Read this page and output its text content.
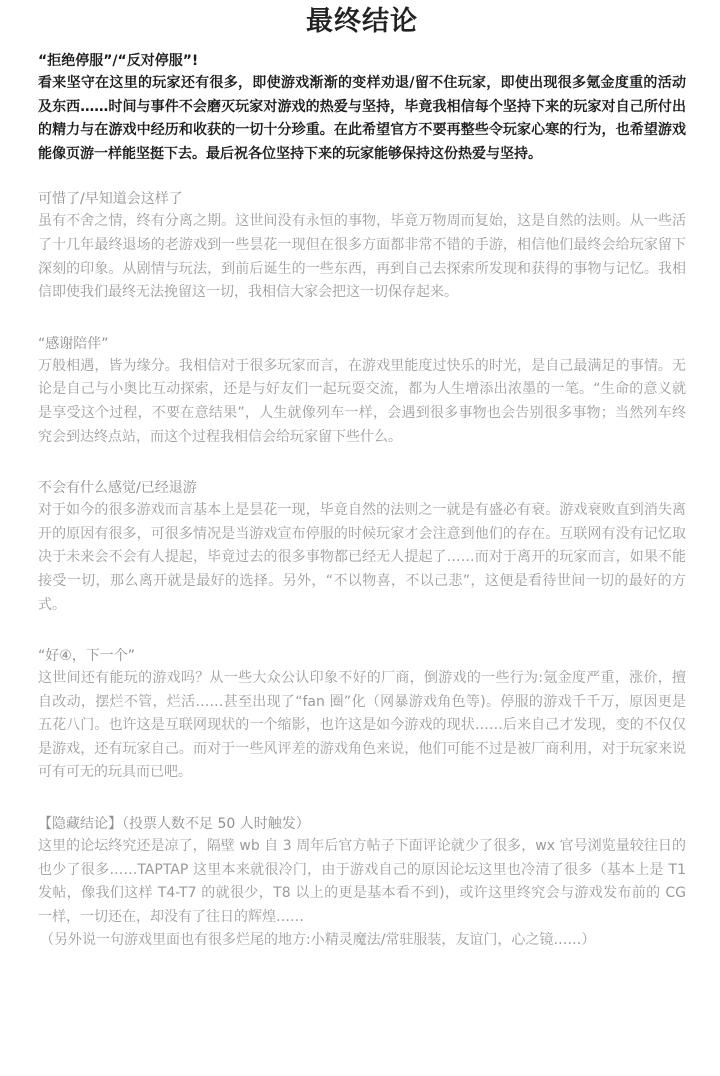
最终结论

“拒绝停服”/“反对停服”!

看来坚守在这里的玩家还有很多，即使游戏渐渐的变样劝退/留不住玩家，即使出现很多氪金度重的活动及东西……时间与事件不会磨灭玩家对游戏的热爱与坚持，毕竟我相信每个坚持下来的玩家对自己所付出的精力与在游戏中经历和收获的一切十分珍重。在此希望官方不要再整些令玩家心寒的行为，也希望游戏能像页游一样能坚挺下去。最后祝各位坚持下来的玩家能够保持这份热爱与坚持。

可惜了/早知道会这样了

虽有不舍之情，终有分离之期。这世间没有永恒的事物，毕竟万物周而复始，这是自然的法则。从一些活了十几年最终退场的老游戏到一些昙花一现但在很多方面都非常不错的手游，相信他们最终会给玩家留下深刻的印象。从剧情与玩法，到前后诞生的一些东西，再到自己去探索所发现和获得的事物与记忆。我相信即使我们最终无法挽留这一切，我相信大家会把这一切保存起来。

“感谢陪伴”

万般相遇，皆为缘分。我相信对于很多玩家而言，在游戏里能度过快乐的时光，是自己最满足的事情。无论是自己与小奥比互动探索，还是与好友们一起玩耍交流，都为人生增添出浓墨的一笔。“生命的意义就是享受这个过程，不要在意结果”，人生就像列车一样，会遇到很多事物也会告别很多事物；当然列车终究会到达终点站，而这个过程我相信会给玩家留下些什么。

不会有什么感觉/已经退游

对于如今的很多游戏而言基本上是昙花一现，毕竟自然的法则之一就是有盛必有衰。游戏衰败直到消失离开的原因有很多，可很多情况是当游戏宣布停服的时候玩家才会注意到他们的存在。互联网有没有记忆取决于未来会不会有人提起，毕竟过去的很多事物都已经无人提起了……而对于离开的玩家而言，如果不能接受一切，那么离开就是最好的选择。另外，“不以物喜，不以己悲”，这便是看待世间一切的最好的方式。

“好④，下一个”

这世间还有能玩的游戏吗？从一些大众公认印象不好的厂商，倒游戏的一些行为:氪金度严重，涨价，擅自改动，摆烂不管，烂活……甚至出现了“fan 圈”化（网暴游戏角色等)。停服的游戏千千万，原因更是五花八门。也许这是互联网现状的一个缩影，也许这是如今游戏的现状……后来自己才发现，变的不仅仅是游戏，还有玩家自己。而对于一些风评差的游戏角色来说，他们可能不过是被厂商利用，对于玩家来说可有可无的玩具而已吧。

【隐藏结论】（投票人数不足 50 人时触发）

这里的论坛终究还是凉了，隔壁 wb 自 3 周年后官方帖子下面评论就少了很多，wx 官号浏览量较往日的也少了很多……TAPTAP 这里本来就很冷门，由于游戏自己的原因论坛这里也冷清了很多（基本上是 T1 发帖，像我们这样 T4-T7 的就很少，T8 以上的更是基本看不到)，或许这里终究会与游戏发布前的 CG 一样，一切还在，却没有了往日的辉煌……

（另外说一句游戏里面也有很多烂尾的地方:小精灵魔法/常驻服装，友谊门，心之镜……）
